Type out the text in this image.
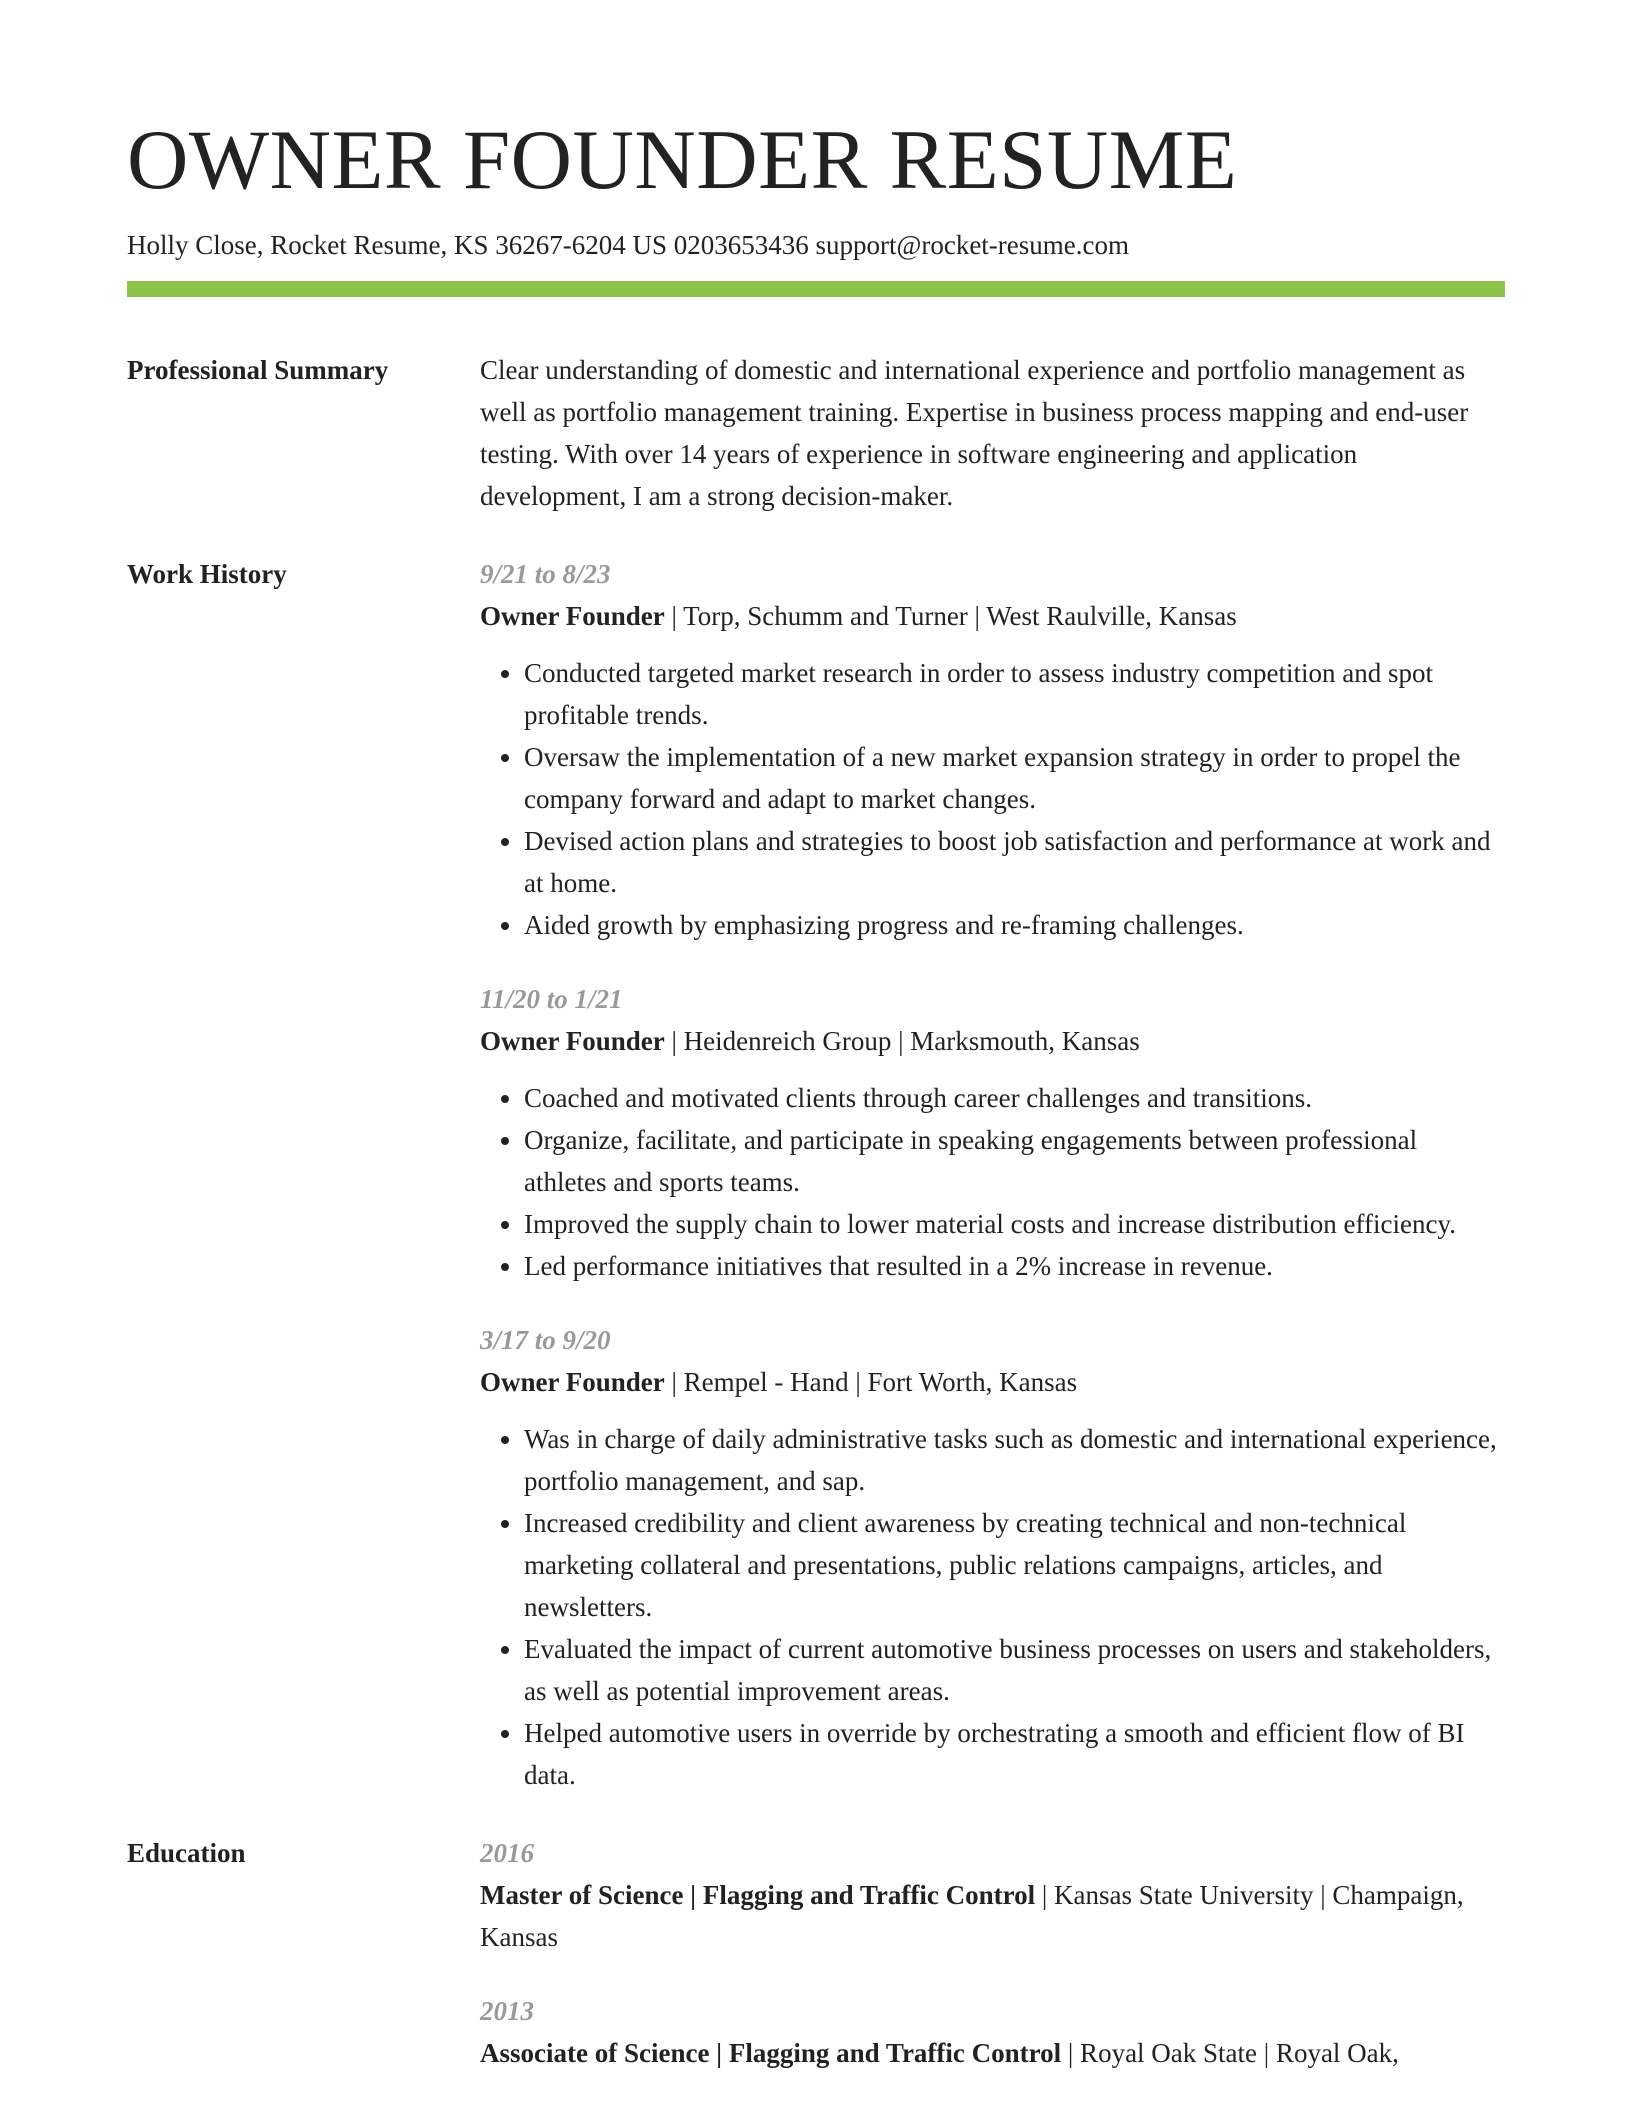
OWNER FOUNDER RESUME
Holly Close, Rocket Resume, KS 36267-6204 US 0203653436 support@rocket-resume.com
Professional Summary	Clear understanding of domestic and international experience and portfolio management as well as portfolio management training. Expertise in business process mapping and end-user testing. With over 14 years of experience in software engineering and application development, I am a strong decision-maker.

Work History	9/21 to 8/23
Owner Founder | Torp, Schumm and Turner | West Raulville, Kansas
• Conducted targeted market research in order to assess industry competition and spot profitable trends.
• Oversaw the implementation of a new market expansion strategy in order to propel the company forward and adapt to market changes.
• Devised action plans and strategies to boost job satisfaction and performance at work and at home.
• Aided growth by emphasizing progress and re-framing challenges.
11/20 to 1/21
Owner Founder | Heidenreich Group | Marksmouth, Kansas
• Coached and motivated clients through career challenges and transitions.
• Organize, facilitate, and participate in speaking engagements between professional athletes and sports teams.
• Improved the supply chain to lower material costs and increase distribution efficiency.
• Led performance initiatives that resulted in a 2% increase in revenue.
3/17 to 9/20
Owner Founder | Rempel - Hand | Fort Worth, Kansas
• Was in charge of daily administrative tasks such as domestic and international experience, portfolio management, and sap.
• Increased credibility and client awareness by creating technical and non-technical marketing collateral and presentations, public relations campaigns, articles, and newsletters.
• Evaluated the impact of current automotive business processes on users and stakeholders, as well as potential improvement areas.
• Helped automotive users in override by orchestrating a smooth and efficient flow of BI data.
Education	2016
Master of Science | Flagging and Traffic Control | Kansas State University | Champaign, Kansas
2013
Associate of Science | Flagging and Traffic Control | Royal Oak State | Royal Oak,
